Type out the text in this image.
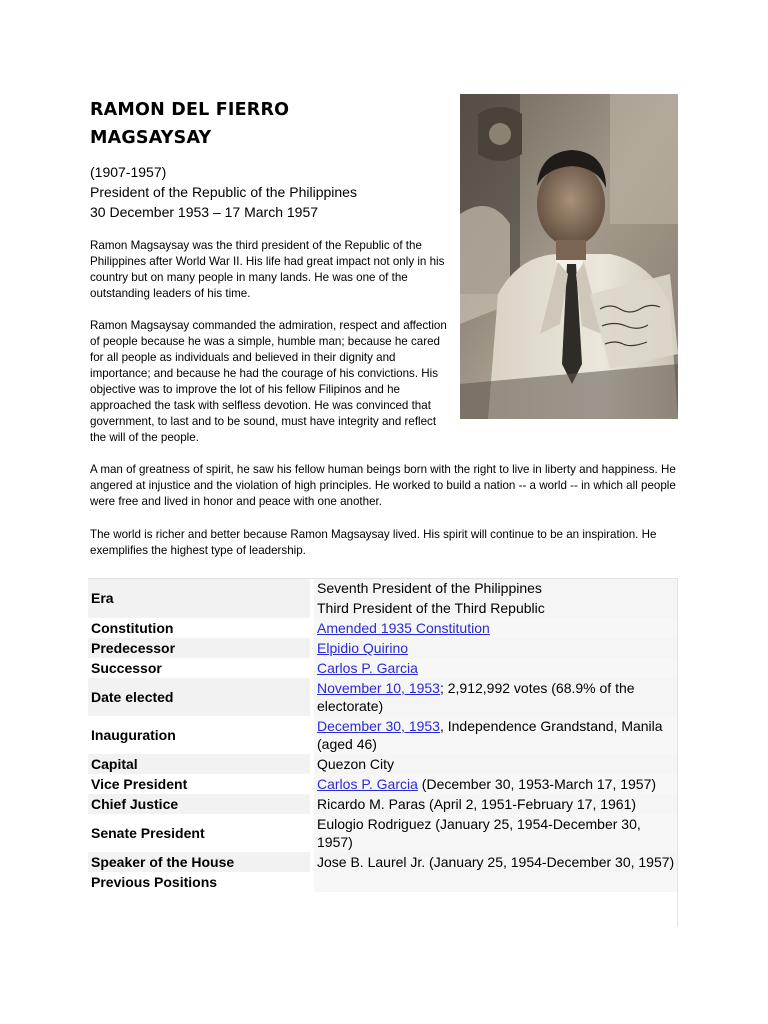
RAMON DEL FIERRO
MAGSAYSAY
(1907-1957)
President of the Republic of the Philippines
30 December 1953 – 17 March 1957

Ramon Magsaysay was the third president of the Republic of the Philippines after World War II. His life had great impact not only in his country but on many people in many lands. He was one of the outstanding leaders of his time.

Ramon Magsaysay commanded the admiration, respect and affection of people because he was a simple, humble man; because he cared for all people as individuals and believed in their dignity and importance; and because he had the courage of his convictions. His objective was to improve the lot of his fellow Filipinos and he approached the task with selfless devotion. He was convinced that government, to last and to be sound, must have integrity and reflect the will of the people.

A man of greatness of spirit, he saw his fellow human beings born with the right to live in liberty and happiness. He angered at injustice and the violation of high principles. He worked to build a nation -- a world -- in which all people were free and lived in honor and peace with one another.

The world is richer and better because Ramon Magsaysay lived. His spirit will continue to be an inspiration. He exemplifies the highest type of leadership.

Era	Seventh President of the Philippines
	Third President of the Third Republic
Constitution	Amended 1935 Constitution
Predecessor	Elpidio Quirino
Successor	Carlos P. Garcia
Date elected	November 10, 1953; 2,912,992 votes (68.9% of the electorate)
Inauguration	December 30, 1953, Independence Grandstand, Manila (aged 46)
Capital	Quezon City
Vice President	Carlos P. Garcia (December 30, 1953-March 17, 1957)
Chief Justice	Ricardo M. Paras (April 2, 1951-February 17, 1961)
Senate President	Eulogio Rodriguez (January 25, 1954-December 30, 1957)
Speaker of the House	Jose B. Laurel Jr. (January 25, 1954-December 30, 1957)
Previous Positions	
